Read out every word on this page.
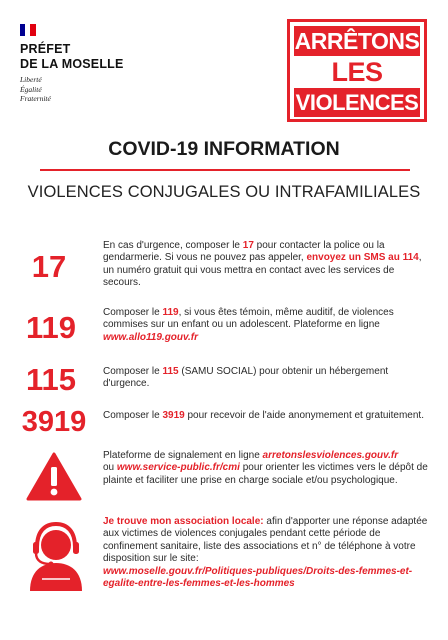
PRÉFET
DE LA MOSELLE
Liberté
Égalité
Fraternité
ARRÊTONS
LES
VIOLENCES
COVID-19 INFORMATION
VIOLENCES CONJUGALES OU INTRAFAMILIALES
17
En cas d'urgence, composer le 17 pour contacter la police ou la gendarmerie. Si vous ne pouvez pas appeler, envoyez un SMS au 114, un numéro gratuit qui vous mettra en contact avec les services de secours.
119	Composer le 119, si vous êtes témoin, même auditif, de violences commises sur un enfant ou un adolescent. Plateforme en ligne www.allo119.gouv.fr
115	Composer le 115 (SAMU SOCIAL) pour obtenir un hébergement d'urgence.
3919	Composer le 3919 pour recevoir de l'aide anonymement et gratuitement.
Plateforme de signalement en ligne arretonslesviolences.gouv.fr
ou www.service-public.fr/cmi pour orienter les victimes vers le dépôt de plainte et faciliter une prise en charge sociale et/ou psychologique.
Je trouve mon association locale: afin d'apporter une réponse adaptée aux victimes de violences conjugales pendant cette période de confinement sanitaire, liste des associations et n° de téléphone à votre disposition sur le site:
www.moselle.gouv.fr/Politiques-publiques/Droits-des-femmes-et-egalite-entre-les-femmes-et-les-hommes
